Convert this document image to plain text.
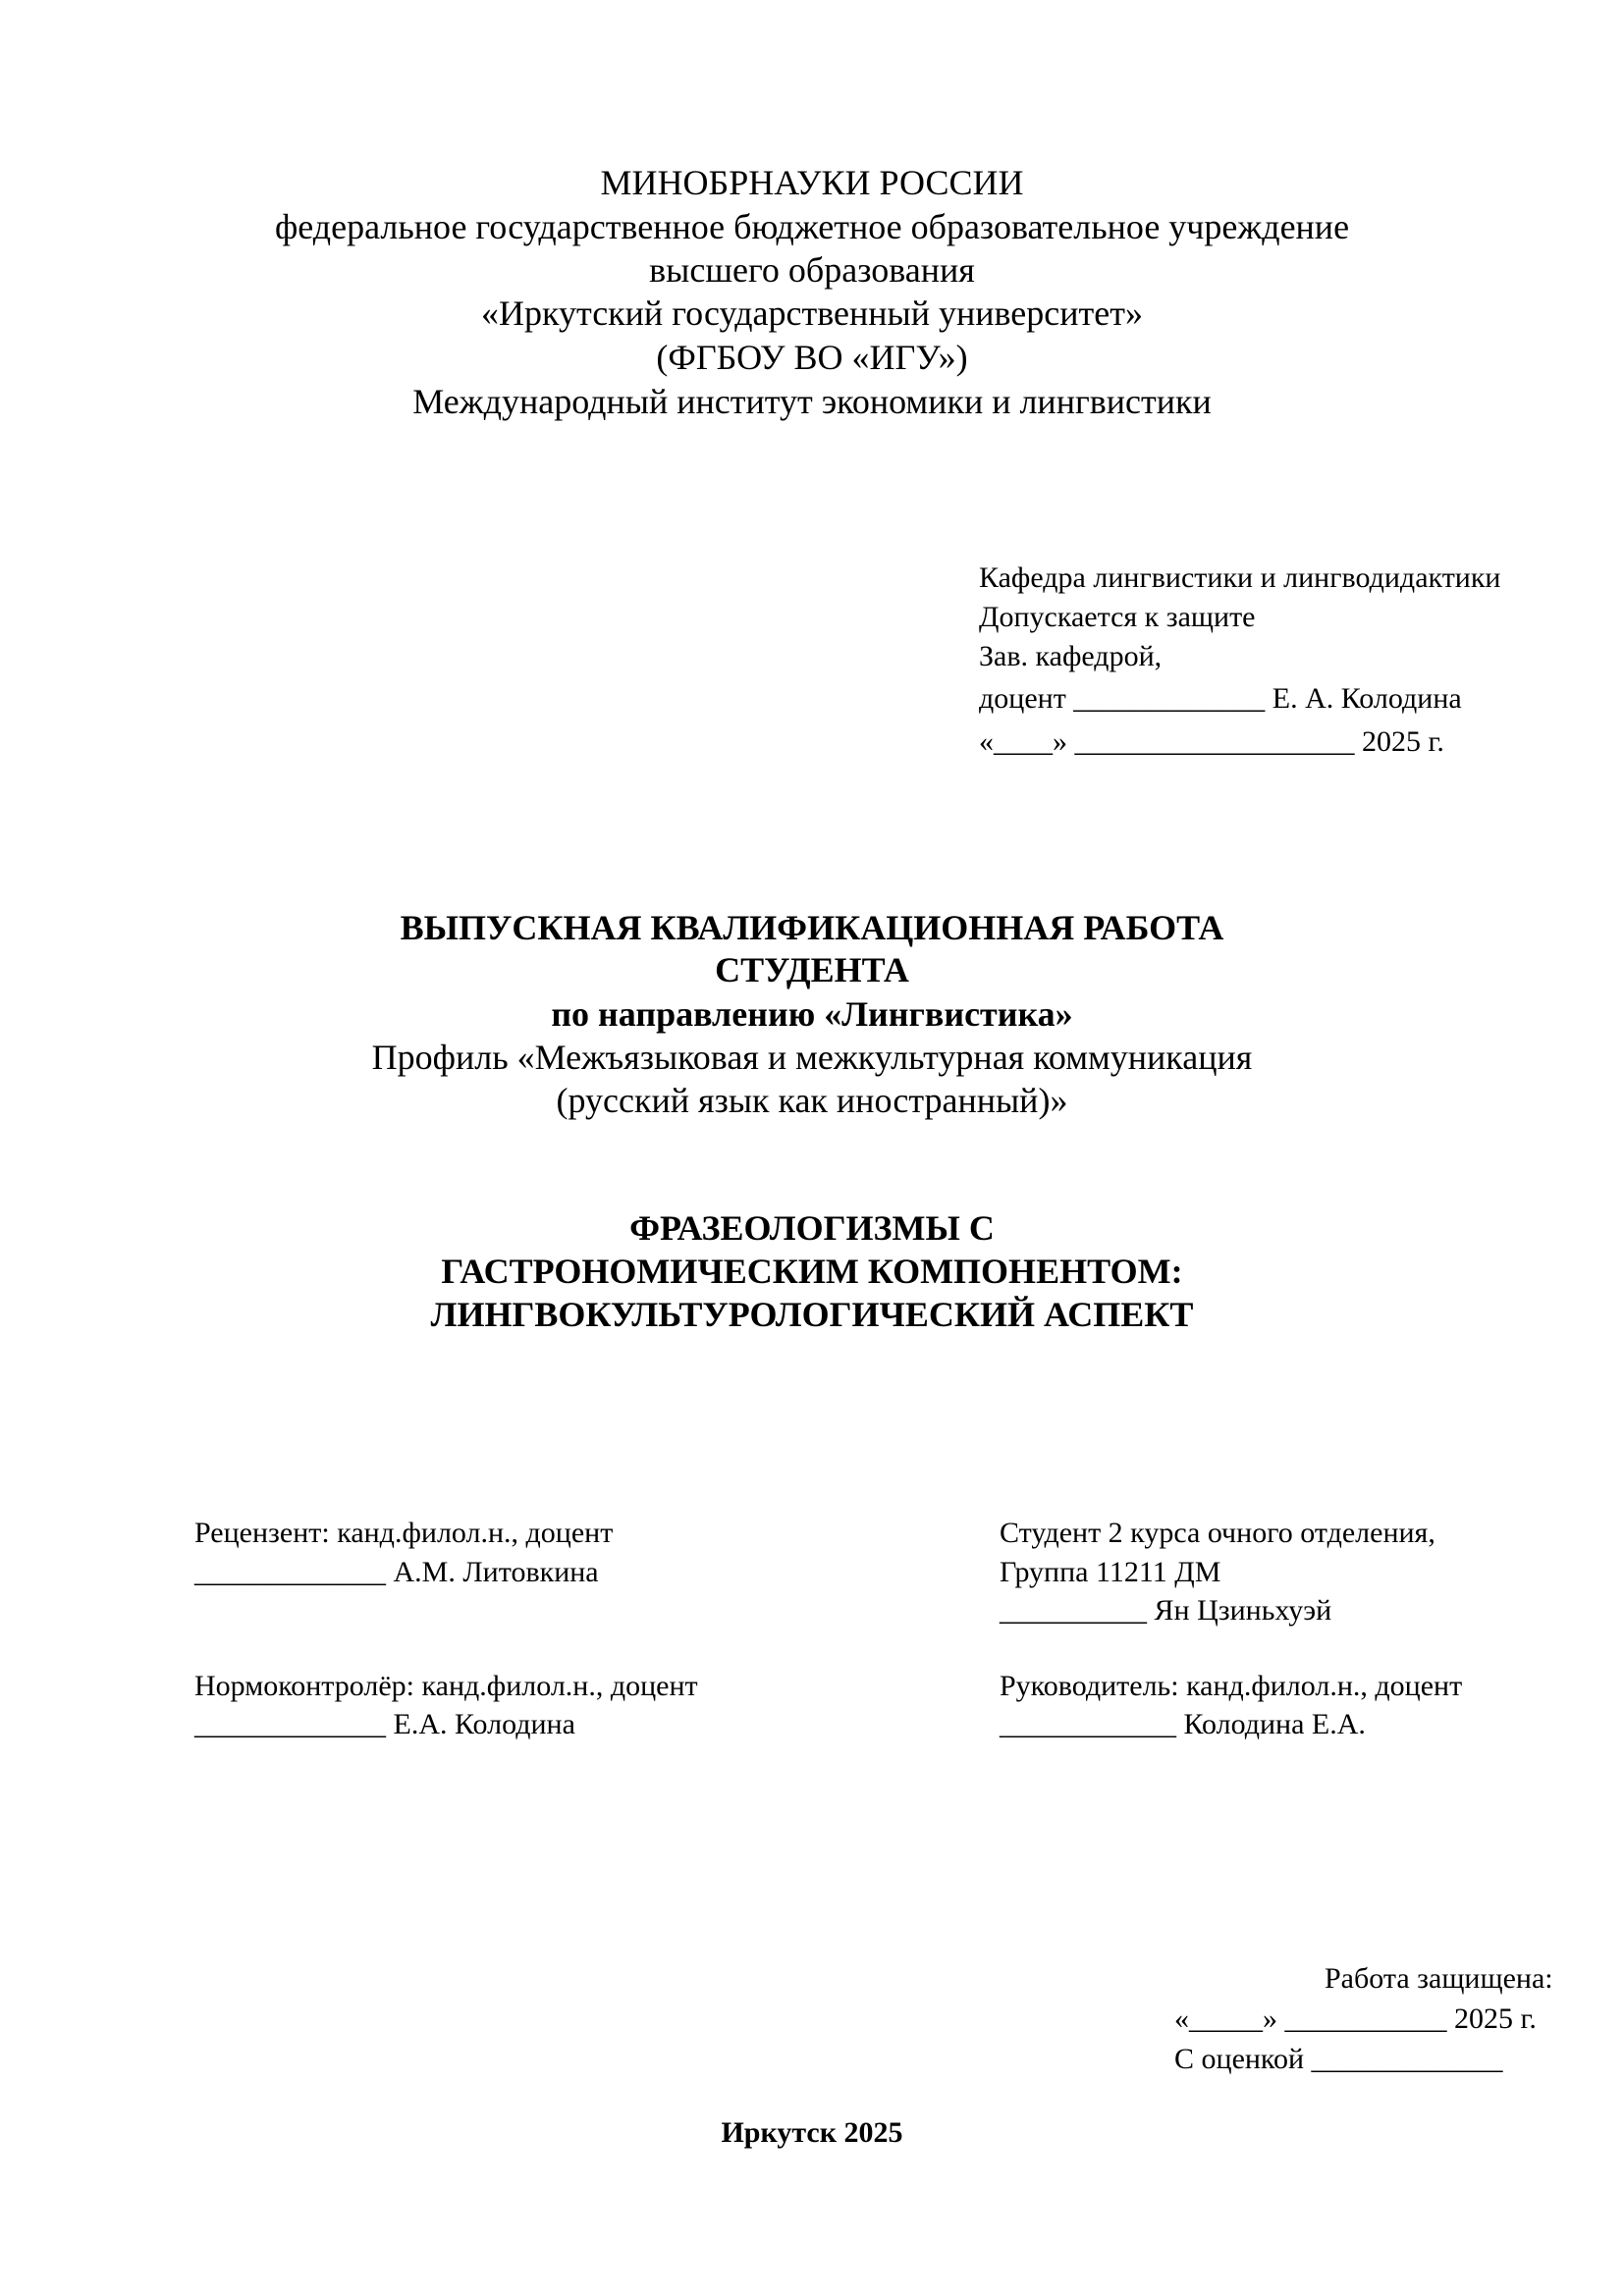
МИНОБРНАУКИ РОССИИ
федеральное государственное бюджетное образовательное учреждение
высшего образования
«Иркутский государственный университет»
(ФГБОУ ВО «ИГУ»)
Международный институт экономики и лингвистики
Кафедра лингвистики и лингводидактики
Допускается к защите
Зав. кафедрой,
доцент _____________ Е. А. Колодина
«____» ___________________ 2025 г.
ВЫПУСКНАЯ КВАЛИФИКАЦИОННАЯ РАБОТА
СТУДЕНТА
по направлению «Лингвистика»
Профиль «Межъязыковая и межкультурная коммуникация
(русский язык как иностранный)»
ФРАЗЕОЛОГИЗМЫ С
ГАСТРОНОМИЧЕСКИМ КОМПОНЕНТОМ:
ЛИНГВОКУЛЬТУРОЛОГИЧЕСКИЙ АСПЕКТ
Рецензент: канд.филол.н., доцент
_____________ А.М. Литовкина
Нормоконтролёр: канд.филол.н., доцент
_____________ Е.А. Колодина
Студент 2 курса очного отделения,
Группа 11211 ДМ
__________ Ян Цзиньхуэй
Руководитель: канд.филол.н., доцент
____________ Колодина Е.А.
Работа защищена:
«_____» ___________ 2025 г.
С оценкой _____________
Иркутск 2025
